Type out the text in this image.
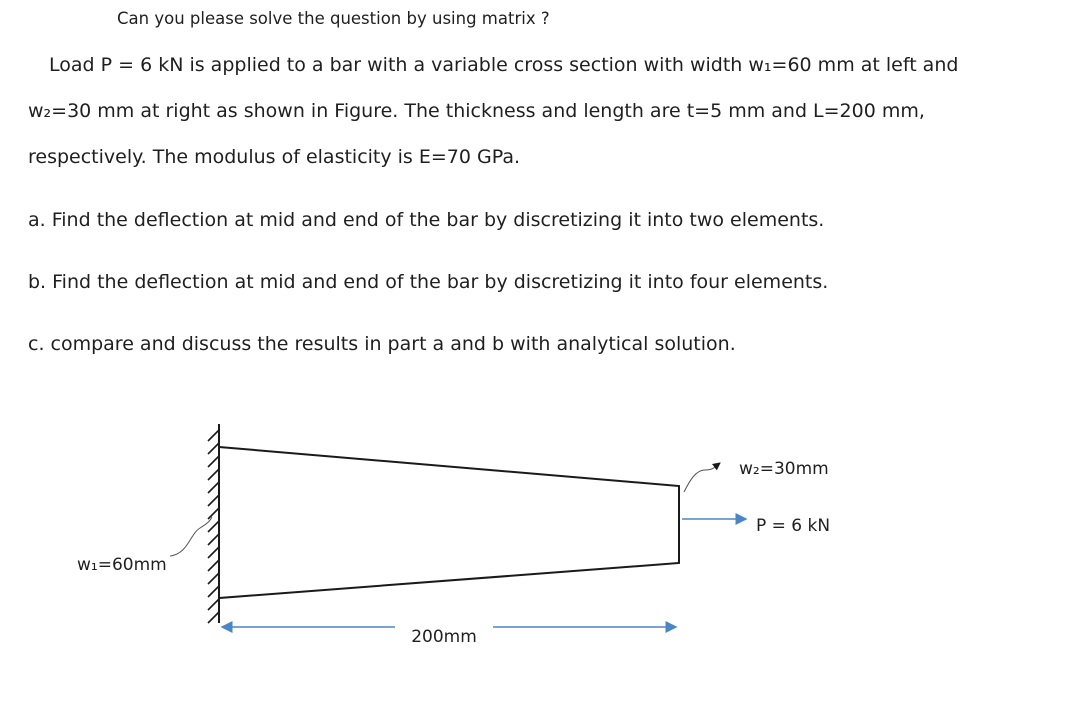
Can you please solve the question by using matrix ?
Load P = 6 kN is applied to a bar with a variable cross section with width w₁=60 mm at left and
w₂=30 mm at right as shown in Figure. The thickness and length are t=5 mm and L=200 mm,
respectively. The modulus of elasticity is E=70 GPa.
a. Find the deflection at mid and end of the bar by discretizing it into two elements.
b. Find the deflection at mid and end of the bar by discretizing it into four elements.
c. compare and discuss the results in part a and b with analytical solution.
w₁=60mm
w₂=30mm
P = 6 kN
200mm
